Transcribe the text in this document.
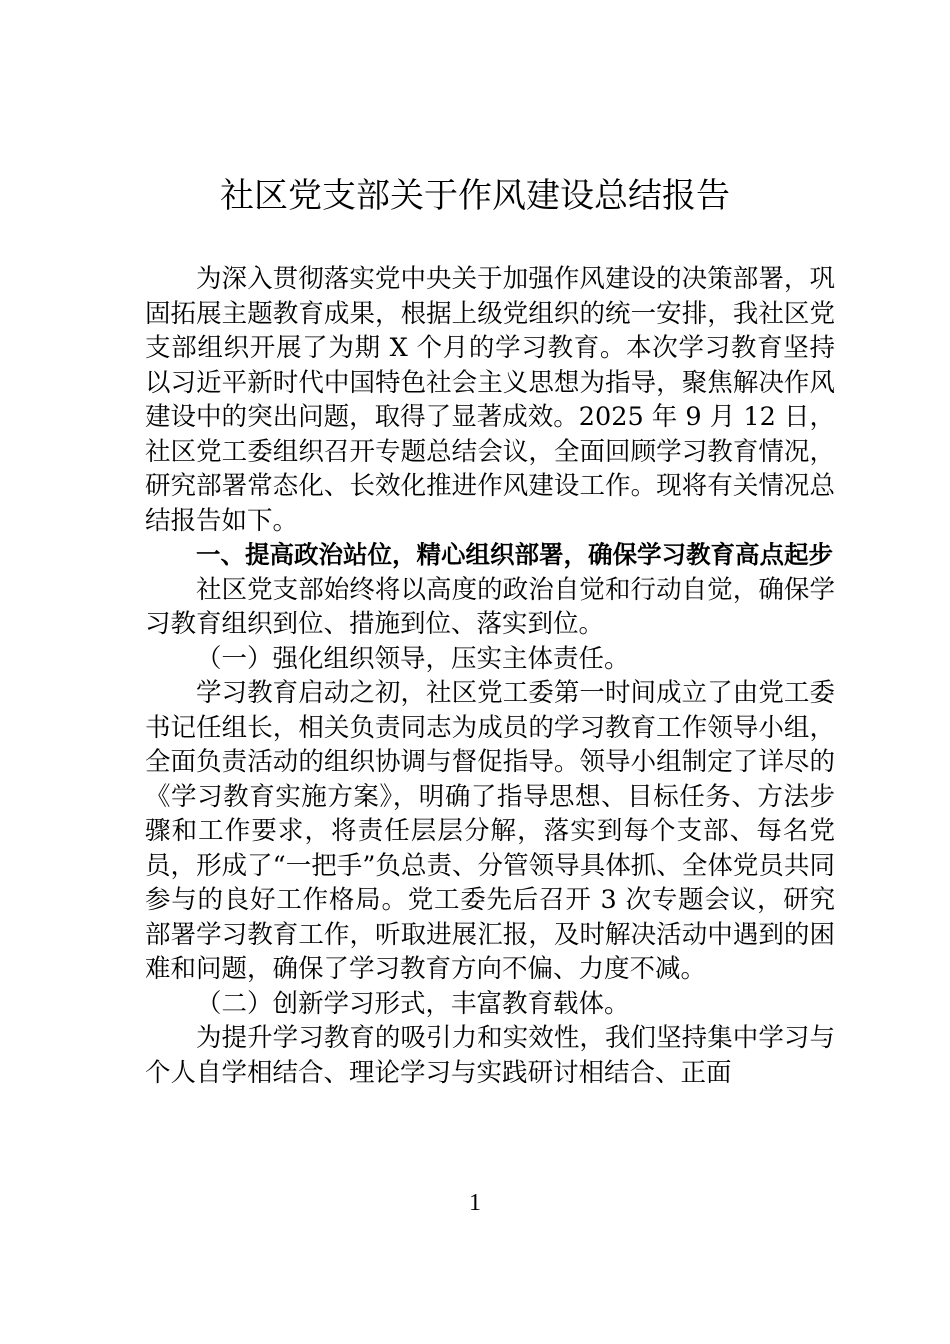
社区党支部关于作风建设总结报告

为深入贯彻落实党中央关于加强作风建设的决策部署，巩固拓展主题教育成果，根据上级党组织的统一安排，我社区党支部组织开展了为期 X 个月的学习教育。本次学习教育坚持以习近平新时代中国特色社会主义思想为指导，聚焦解决作风建设中的突出问题，取得了显著成效。2025 年 9 月 12 日，社区党工委组织召开专题总结会议，全面回顾学习教育情况，研究部署常态化、长效化推进作风建设工作。现将有关情况总结报告如下。

一、提高政治站位，精心组织部署，确保学习教育高点起步

社区党支部始终将以高度的政治自觉和行动自觉，确保学习教育组织到位、措施到位、落实到位。

（一）强化组织领导，压实主体责任。

学习教育启动之初，社区党工委第一时间成立了由党工委书记任组长，相关负责同志为成员的学习教育工作领导小组，全面负责活动的组织协调与督促指导。领导小组制定了详尽的《学习教育实施方案》，明确了指导思想、目标任务、方法步骤和工作要求，将责任层层分解，落实到每个支部、每名党员，形成了“一把手”负总责、分管领导具体抓、全体党员共同参与的良好工作格局。党工委先后召开 3 次专题会议，研究部署学习教育工作，听取进展汇报，及时解决活动中遇到的困难和问题，确保了学习教育方向不偏、力度不减。

（二）创新学习形式，丰富教育载体。

为提升学习教育的吸引力和实效性，我们坚持集中学习与个人自学相结合、理论学习与实践研讨相结合、正面

1
